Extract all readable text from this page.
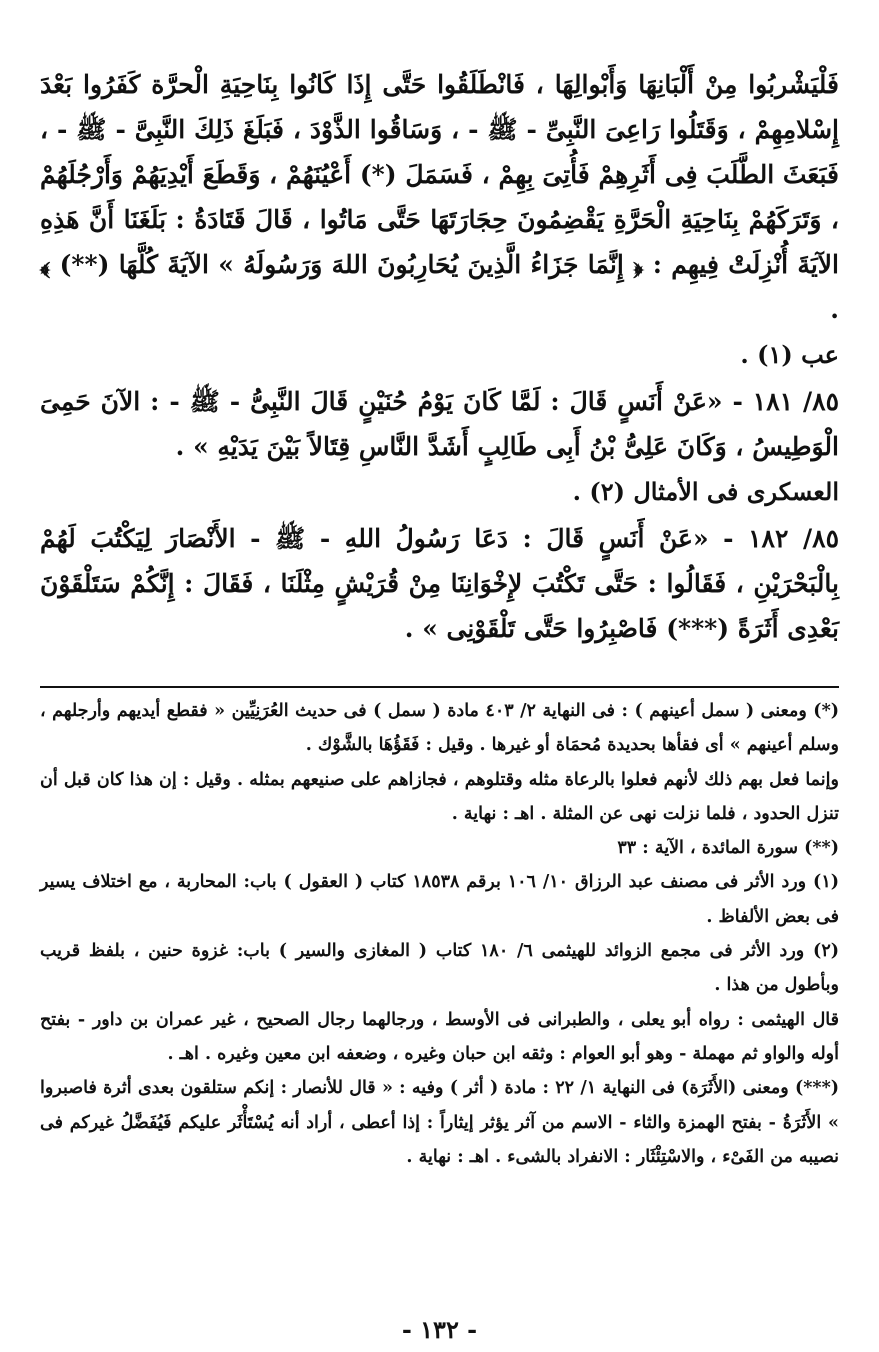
فَلْيَشْربُوا مِنْ أَلْبَانِهَا وَأَبْوالِهَا ، فَانْطَلَقُوا حَتَّى إِذَا كَانُوا بِنَاحِيَةِ الْحرَّة كَفَرُوا بَعْدَ إِسْلامِهِمْ ، وَقَتَلُوا رَاعِىَ النَّبِىِّ - ﷺ - ، وَسَاقُوا الذَّوْدَ ، فَبَلَغَ ذَلِكَ النَّبِىَّ - ﷺ - ، فَبَعَثَ الطَّلَبَ فِى أَثَرِهِمْ فَأُتِىَ بِهِمْ ، فَسَمَلَ (*) أَعْيُنَهُمْ ، وَقَطَعَ أَيْدِيَهُمْ وَأَرْجُلَهُمْ ، وَتَرَكَهُمْ بِنَاحِيَةِ الْحَرَّةِ يَقْضِمُونَ حِجَارَتَهَا حَتَّى مَاتُوا ، قَالَ قَتَادَةُ : بَلَغَنَا أَنَّ هَذِهِ الآيَةَ أُنْزِلَتْ فِيهِم : ﴿ إِنَّمَا جَزَاءُ الَّذِينَ يُحَارِبُونَ اللهَ وَرَسُولَهُ » الآيَةَ كُلَّهَا (**) ﴾ .

عب (١) .

٨٥/ ١٨١ - «عَنْ أَنَسٍ قَالَ : لَمَّا كَانَ يَوْمُ حُنَيْنٍ قَالَ النَّبِىُّ - ﷺ - : الآنَ حَمِىَ الْوَطِيسُ ، وَكَانَ عَلِىُّ بْنُ أَبِى طَالِبٍ أَشَدَّ النَّاسِ قِتَالاً بَيْنَ يَدَيْهِ » .

العسكرى فى الأمثال (٢) .

٨٥/ ١٨٢ - «عَنْ أَنَسٍ قَالَ : دَعَا رَسُولُ اللهِ - ﷺ - الأَنْصَارَ لِيَكْتُبَ لَهُمْ بِالْبَحْرَيْنِ ، فَقَالُوا : حَتَّى تَكْتُبَ لإِخْوَانِنَا مِنْ قُرَيْشٍ مِثْلَنَا ، فَقَالَ : إِنَّكُمْ سَتَلْقَوْنَ بَعْدِى أَثَرَةً (***) فَاصْبِرُوا حَتَّى تَلْقَوْنِى » .

(*) ومعنى ( سمل أعينهم ) : فى النهاية ٢/ ٤٠٣ مادة ( سمل ) فى حديث العُرَنِيِّين « فقطع أيديهم وأرجلهم ، وسلم أعينهم » أى فقأها بحديدة مُحمَاة أو غيرها . وقيل : فَقَؤُهَا بالشَّوْك .

وإنما فعل بهم ذلك لأنهم فعلوا بالرعاة مثله وقتلوهم ، فجازاهم على صنيعهم بمثله . وقيل : إن هذا كان قبل أن تنزل الحدود ، فلما نزلت نهى عن المثلة . اهـ : نهاية .

(**) سورة المائدة ، الآية : ٣٣

(١) ورد الأثر فى مصنف عبد الرزاق ١٠/ ١٠٦ برقم ١٨٥٣٨ كتاب ( العقول ) باب: المحاربة ، مع اختلاف يسير فى بعض الألفاظ .

(٢) ورد الأثر فى مجمع الزوائد للهيثمى ٦/ ١٨٠ كتاب ( المغازى والسير ) باب: غزوة حنين ، بلفظ قريب وبأطول من هذا .

قال الهيثمى : رواه أبو يعلى ، والطبرانى فى الأوسط ، ورجالهما رجال الصحيح ، غير عمران بن داور - بفتح أوله والواو ثم مهملة - وهو أبو العوام : وثقه ابن حبان وغيره ، وضعفه ابن معين وغيره . اهـ .

(***) ومعنى (الأَثَرَة) فى النهاية ١/ ٢٢ : مادة ( أثر ) وفيه : « قال للأنصار : إنكم ستلقون بعدى أثرة فاصبروا » الأَثَرَةُ - بفتح الهمزة والثاء - الاسم من آثر يؤثر إيثاراً : إذا أعطى ، أراد أنه يُسْتَأْثَر عليكم فَيُفَضَّلُ غيركم فى نصيبه من الفَىْء ، والاسْتِئْثَار : الانفراد بالشىء . اهـ : نهاية .

- ١٣٢ -
